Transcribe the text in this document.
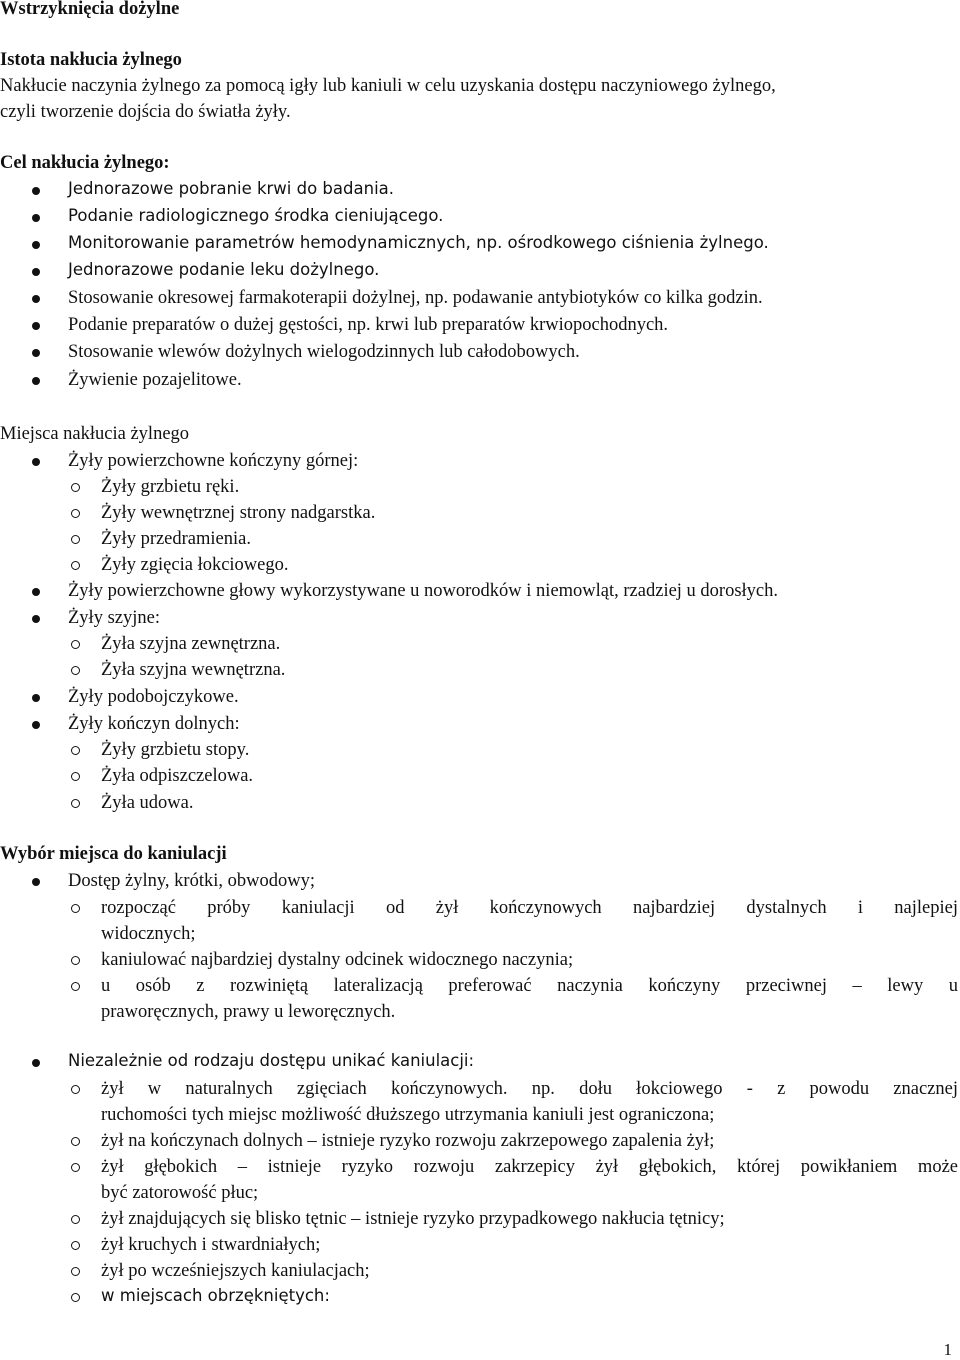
Wstrzyknięcia dożylne
Istota nakłucia żylnego
Nakłucie naczynia żylnego za pomocą igły lub kaniuli w celu uzyskania dostępu naczyniowego żylnego,
czyli tworzenie dojścia do światła żyły.
Cel nakłucia żylnego:
Jednorazowe pobranie krwi do badania.
Podanie radiologicznego środka cieniującego.
Monitorowanie parametrów hemodynamicznych, np. ośrodkowego ciśnienia żylnego.
Jednorazowe podanie leku dożylnego.
Stosowanie okresowej farmakoterapii dożylnej, np. podawanie antybiotyków co kilka godzin.
Podanie preparatów o dużej gęstości, np. krwi lub preparatów krwiopochodnych.
Stosowanie wlewów dożylnych wielogodzinnych lub całodobowych.
Żywienie pozajelitowe.
Miejsca nakłucia żylnego
Żyły powierzchowne kończyny górnej:
Żyły grzbietu ręki.
Żyły wewnętrznej strony nadgarstka.
Żyły przedramienia.
Żyły zgięcia łokciowego.
Żyły powierzchowne głowy wykorzystywane u noworodków i niemowląt, rzadziej u dorosłych.
Żyły szyjne:
Żyła szyjna zewnętrzna.
Żyła szyjna wewnętrzna.
Żyły podobojczykowe.
Żyły kończyn dolnych:
Żyły grzbietu stopy.
Żyła odpiszczelowa.
Żyła udowa.
Wybór miejsca do kaniulacji
Dostęp żylny, krótki, obwodowy;
rozpocząć próby kaniulacji od żył kończynowych najbardziej dystalnych i najlepiej
widocznych;
kaniulować najbardziej dystalny odcinek widocznego naczynia;
u osób z rozwiniętą lateralizacją preferować naczynia kończyny przeciwnej – lewy u
praworęcznych, prawy u leworęcznych.
Niezależnie od rodzaju dostępu unikać kaniulacji:
żył w naturalnych zgięciach kończynowych. np. dołu łokciowego - z powodu znacznej
ruchomości tych miejsc możliwość dłuższego utrzymania kaniuli jest ograniczona;
żył na kończynach dolnych – istnieje ryzyko rozwoju zakrzepowego zapalenia żył;
żył głębokich – istnieje ryzyko rozwoju zakrzepicy żył głębokich, której powikłaniem może
być zatorowość płuc;
żył znajdujących się blisko tętnic – istnieje ryzyko przypadkowego nakłucia tętnicy;
żył kruchych i stwardniałych;
żył po wcześniejszych kaniulacjach;
w miejscach obrzękniętych:
1
